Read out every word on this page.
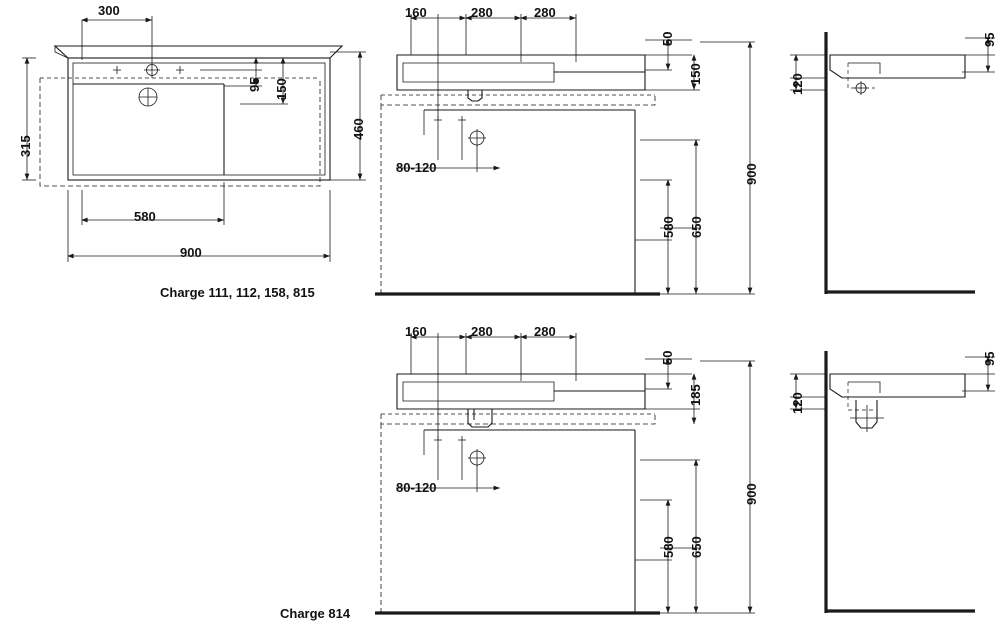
300
95 150
460
315
580
900
160	280	280
50
150
80-120
580 650
900
95
120
160	280	280
50
185
80-120
580 650
900
95
120
Charge 111, 112, 158, 815
Charge 814
